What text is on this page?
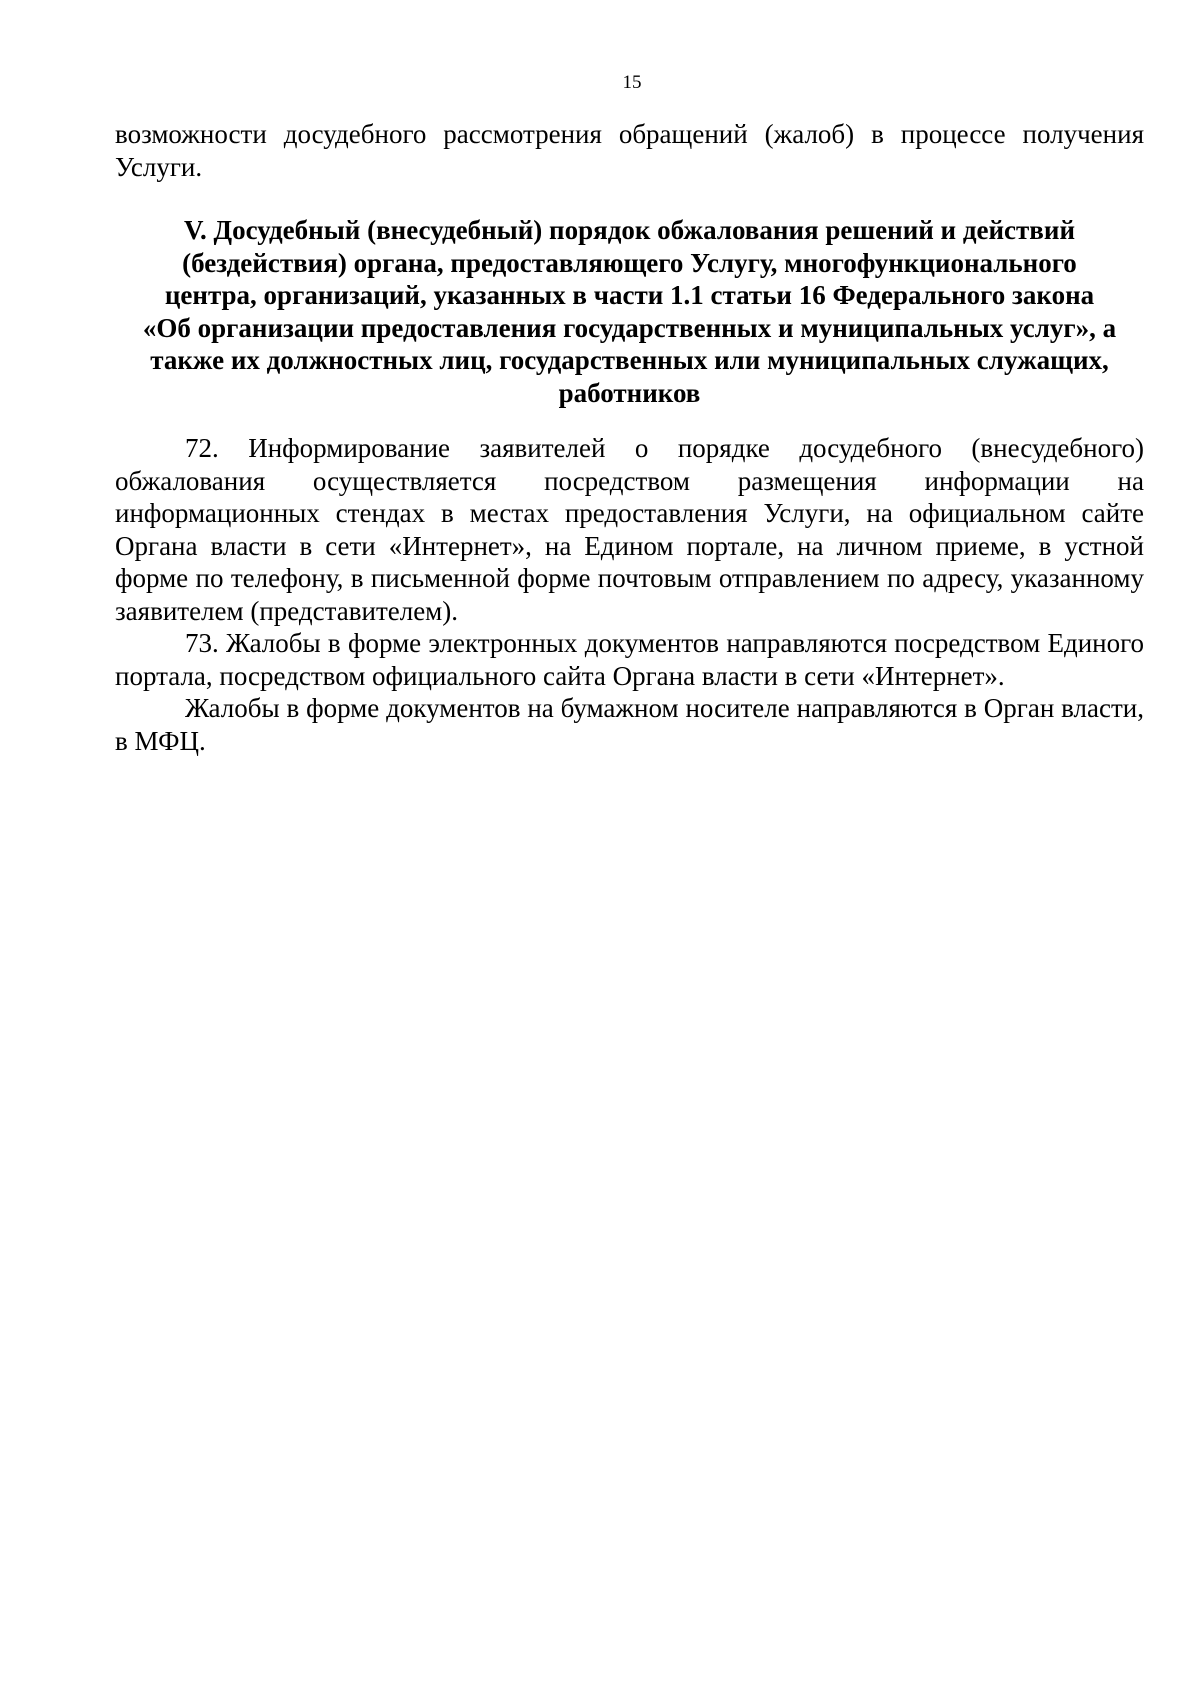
15

возможности досудебного рассмотрения обращений (жалоб) в процессе получения Услуги.

V. Досудебный (внесудебный) порядок обжалования решений и действий
(бездействия) органа, предоставляющего Услугу, многофункционального
центра, организаций, указанных в части 1.1 статьи 16 Федерального закона
«Об организации предоставления государственных и муниципальных услуг», а
также их должностных лиц, государственных или муниципальных служащих,
работников

72. Информирование заявителей о порядке досудебного (внесудебного) обжалования осуществляется посредством размещения информации на информационных стендах в местах предоставления Услуги, на официальном сайте Органа власти в сети «Интернет», на Едином портале, на личном приеме, в устной форме по телефону, в письменной форме почтовым отправлением по адресу, указанному заявителем (представителем).

73. Жалобы в форме электронных документов направляются посредством Единого портала, посредством официального сайта Органа власти в сети «Интернет».

Жалобы в форме документов на бумажном носителе направляются в Орган власти, в МФЦ.
